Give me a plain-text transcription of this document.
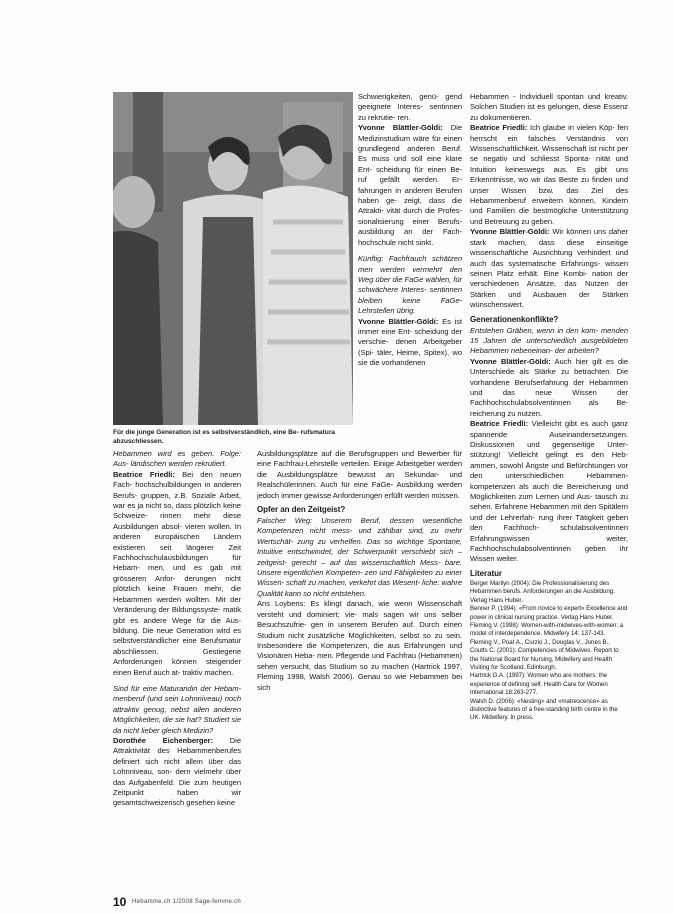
Für die junge Generation ist es selbstverständlich, eine Be- rufsmatura abzuschliessen.

Hebammen wird es geben. Folge: Aus- ländischen werden rekrutiert.

Beatrice Friedli: Bei den neuen Fach- hochschulbildungen in anderen Berufs- gruppen, z.B. Soziale Arbeit, war es ja nicht so, dass plötzlich keine Schweize- rinnen mehr diese Ausbildungen absol- vieren wollen. In anderen europäischen Ländern existieren seit längerer Zeit Fachhochschulausbildungen für Hebam- men, und es gab mit grösseren Anfor- derungen nicht plötzlich keine Frauen mehr, die Hebammen werden wollten. Mit der Veränderung der Bildungssyste- matik gibt es andere Wege für die Aus- bildung. Die neue Generation wird es selbstverständlicher eine Berufsmatur abschliessen. Gestiegene Anforderungen können steigender einen Beruf auch at- traktiv machen.

Sind für eine Maturandin der Hebam- menberuf (und sein Lohnniveau) noch attraktiv genug, nebst allen anderen Möglichkeiten, die sie hat? Studiert sie da nicht lieber gleich Medizin?

Dorothée Eichenberger: Die Attraktivität des Hebammenberufes definiert sich nicht allein über das Lohnniveau, son- dern vielmehr über das Aufgabenfeld. Die zum heutigen Zeitpunkt haben wir gesamtschweizerisch gesehen keine

Schwierigkeiten, genü- gend geeignete Interes- sentinnen zu rekrutie- ren.

Yvonne Blättler-Göldi: Die Medizinstudium wäre für einen grundlegend anderen Beruf. Es muss und soll eine klare Ent- scheidung für einen Be- ruf gefällt werden. Er- fahrungen in anderen Berufen haben ge- zeigt, dass die Attrakti- vität durch die Profes- sionalisierung einer Berufs- ausbildung an der Fach- hochschule nicht sinkt.

Künftig: Fachfrauch schätzen men werden vermehrt den Weg über die FaGe wählen, für schwächere Interes- sentinnen bleiben keine FaGe-Lehrstellen übrig.

Yvonne Blättler-Göldi: Es ist immer eine Ent- scheidung der verschie- denen Arbeitgeber (Spi- täler, Heime, Spitex), wo sie die vorhandenen

Ausbildungsplätze auf die Berufsgruppen und Bewerber für eine Fachfrau-Lehrstelle verteilen. Einige Arbeitgeber werden die Ausbildungsplätze bewusst an Sekundar- und Realschülerinnen. Auch für eine FaGe- Ausbildung werden jedoch immer gewisse Anforderungen erfüllt werden müssen.

Opfer an den Zeitgeist?

Falscher Weg: Unserem Beruf, dessen wesentliche Kompetenzen nicht mess- und zählbar sind, zu mehr Wertschät- zung zu verhelfen. Das so wichtige Spontane, Intuitive entschwindet, der Schwerpunkt verschiebt sich – zeitgeist- gerecht – auf das wissenschaftlich Mess- bare. Unsere eigentlichen Kompeten- zen und Fähigkeiten zu einer Wissen- schaft zu machen, verkehrt das Wesent- liche: wahre Qualität kann so nicht entstehen.

Ans Loybens: Es klingt danach, wie wenn Wissenschaft versteht und dominiert; vie- mals sagen wir uns selber Besuchszufrie- gen in unserem Berufen auf. Durch einen Studium nicht zusätzliche Möglichkeiten, selbst so zu sein. Insbesondere die Kompetenzen, die aus Erfahrungen und Visionären Heba- men. Pflegende und Fachfrau (Hebammen) sehen versucht, das Studium so zu machen (Hartrick 1997, Fleming 1998, Walsh 2006). Genau so wie Hebammen bei sich

Hebammen - Individuell spontan und kreativ. Solchen Studien ist es gelungen, diese Essenz zu dokumentieren.

Beatrice Friedli: Ich glaube in vielen Köp- fen herrscht ein falsches Verständnis von Wissenschaftlichkeit. Wissenschaft ist nicht per se negativ und schliesst Sponta- nität und Intuition keineswegs aus. Es gibt uns Erkenntnisse, wo wir das Beste zu finden und unser Wissen bzw. das Ziel des Hebammenberuf erweitern können, Kindern und Familien die bestmögliche Unterstützung und Betreuung zu geben.

Yvonne Blättler-Göldi: Wir können uns daher stark machen, dass diese einseitige wissenschaftliche Ausrichtung verhindert und auch das systematische Erfahrungs- wissen seinen Platz erhält. Eine Kombi- nation der verschiedenen Ansätze, das Nutzen der Stärken und Ausbauen der Stärken wünschenswert.

Generationenkonflikte?

Entstehen Gräben, wenn in den kom- menden 15 Jahren die unterschiedlich ausgebildeten Hebammen nebeneinan- der arbeiten?

Yvonne Blättler-Göldi: Auch hier gilt es die Unterschiede als Stärke zu betrachten. Die vorhandene Berufserfahrung der Hebammen und das neue Wissen der Fachhochschulabsolventinnen als Be- reicherung zu nutzen.

Beatrice Friedli: Vielleicht gibt es auch ganz spannende Auseinandersetzungen. Diskussionen und gegenseitige Unter- stützung! Vielleicht gelingt es den Heb- ammen, sowohl Ängste und Befürchtungen vor den unterschiedlichen Hebammen- kompetenzen als auch die Bereicherung und Möglichkeiten zum Lernen und Aus- tausch zu sehen. Erfahrene Hebammen mit den Spitälern und der Lehrerfah- rung ihrer Tätigkeit geben den Fachhoch- schulabsolventinnen Erfahrungswissen weiter, Fachhochschulabsolventinnen geben ihr Wissen weiter.

Literatur

Berger Marilyn (2004): Die Professionalisierung des Hebammen berufs. Anforderungen an die Ausbildung. Verlag Hans Huber.

Benner P. (1994): «From novice to expert» Excellence and power in clinical nursing practice. Verlag Hans Huber.

Fleming V. (1998): Women-with-midwives-with-women: a model of interdependence. Midwifery 14: 137-143.

Fleming V., Poat A., Curzio J., Douglas V., Jones B., Coutts C. (2001): Competencies of Midwives. Report to the National Board for Nursing, Midwifery and Health Visiting for Scotland. Edinburgh.

Hartrick G.A. (1997): Women who are mothers: the experience of defining self. Health Care for Women International 18:263-277.

Walsh D. (2006): «Nesting» and «matrescence» as distinctive features of a free-standing birth centre in the UK. Midwifery. In press.

10 Hebamme.ch 1/2008 Sage-femme.ch
